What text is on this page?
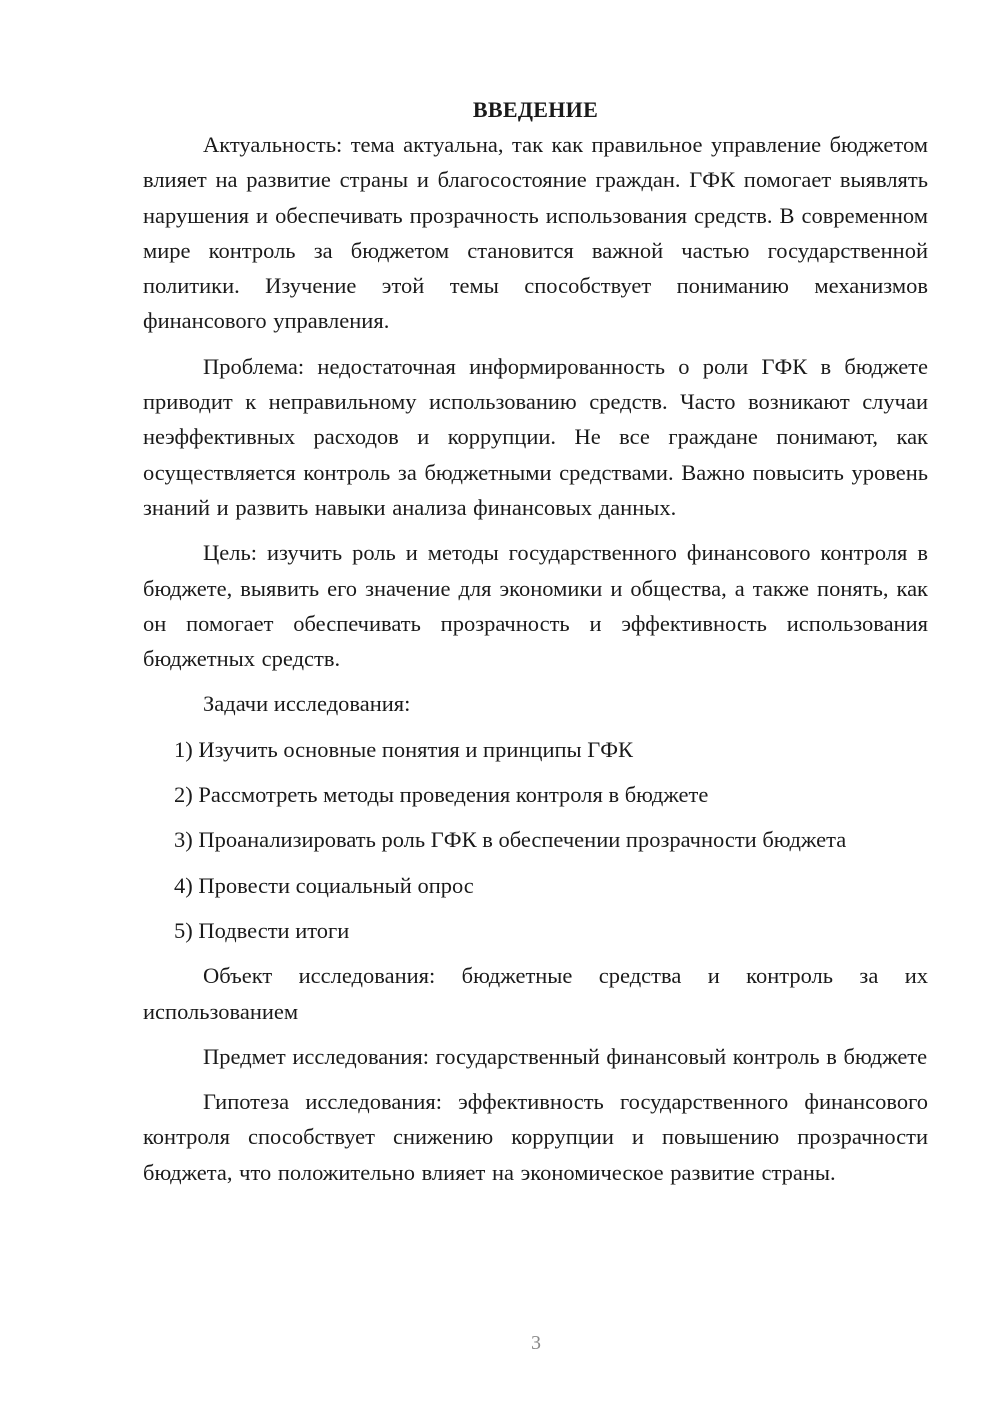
ВВЕДЕНИЕ

Актуальность: тема актуальна, так как правильное управление бюджетом влияет на развитие страны и благосостояние граждан. ГФК помогает выявлять нарушения и обеспечивать прозрачность использования средств. В современном мире контроль за бюджетом становится важной частью государственной политики. Изучение этой темы способствует пониманию механизмов финансового управления.

Проблема: недостаточная информированность о роли ГФК в бюджете приводит к неправильному использованию средств. Часто возникают случаи неэффективных расходов и коррупции. Не все граждане понимают, как осуществляется контроль за бюджетными средствами. Важно повысить уровень знаний и развить навыки анализа финансовых данных.

Цель: изучить роль и методы государственного финансового контроля в бюджете, выявить его значение для экономики и общества, а также понять, как он помогает обеспечивать прозрачность и эффективность использования бюджетных средств.

Задачи исследования:

1) Изучить основные понятия и принципы ГФК

2) Рассмотреть методы проведения контроля в бюджете

3) Проанализировать роль ГФК в обеспечении прозрачности бюджета

4) Провести социальный опрос

5) Подвести итоги

Объект исследования: бюджетные средства и контроль за их использованием

Предмет исследования: государственный финансовый контроль в бюджете

Гипотеза исследования: эффективность государственного финансового контроля способствует снижению коррупции и повышению прозрачности бюджета, что положительно влияет на экономическое развитие страны.

3
